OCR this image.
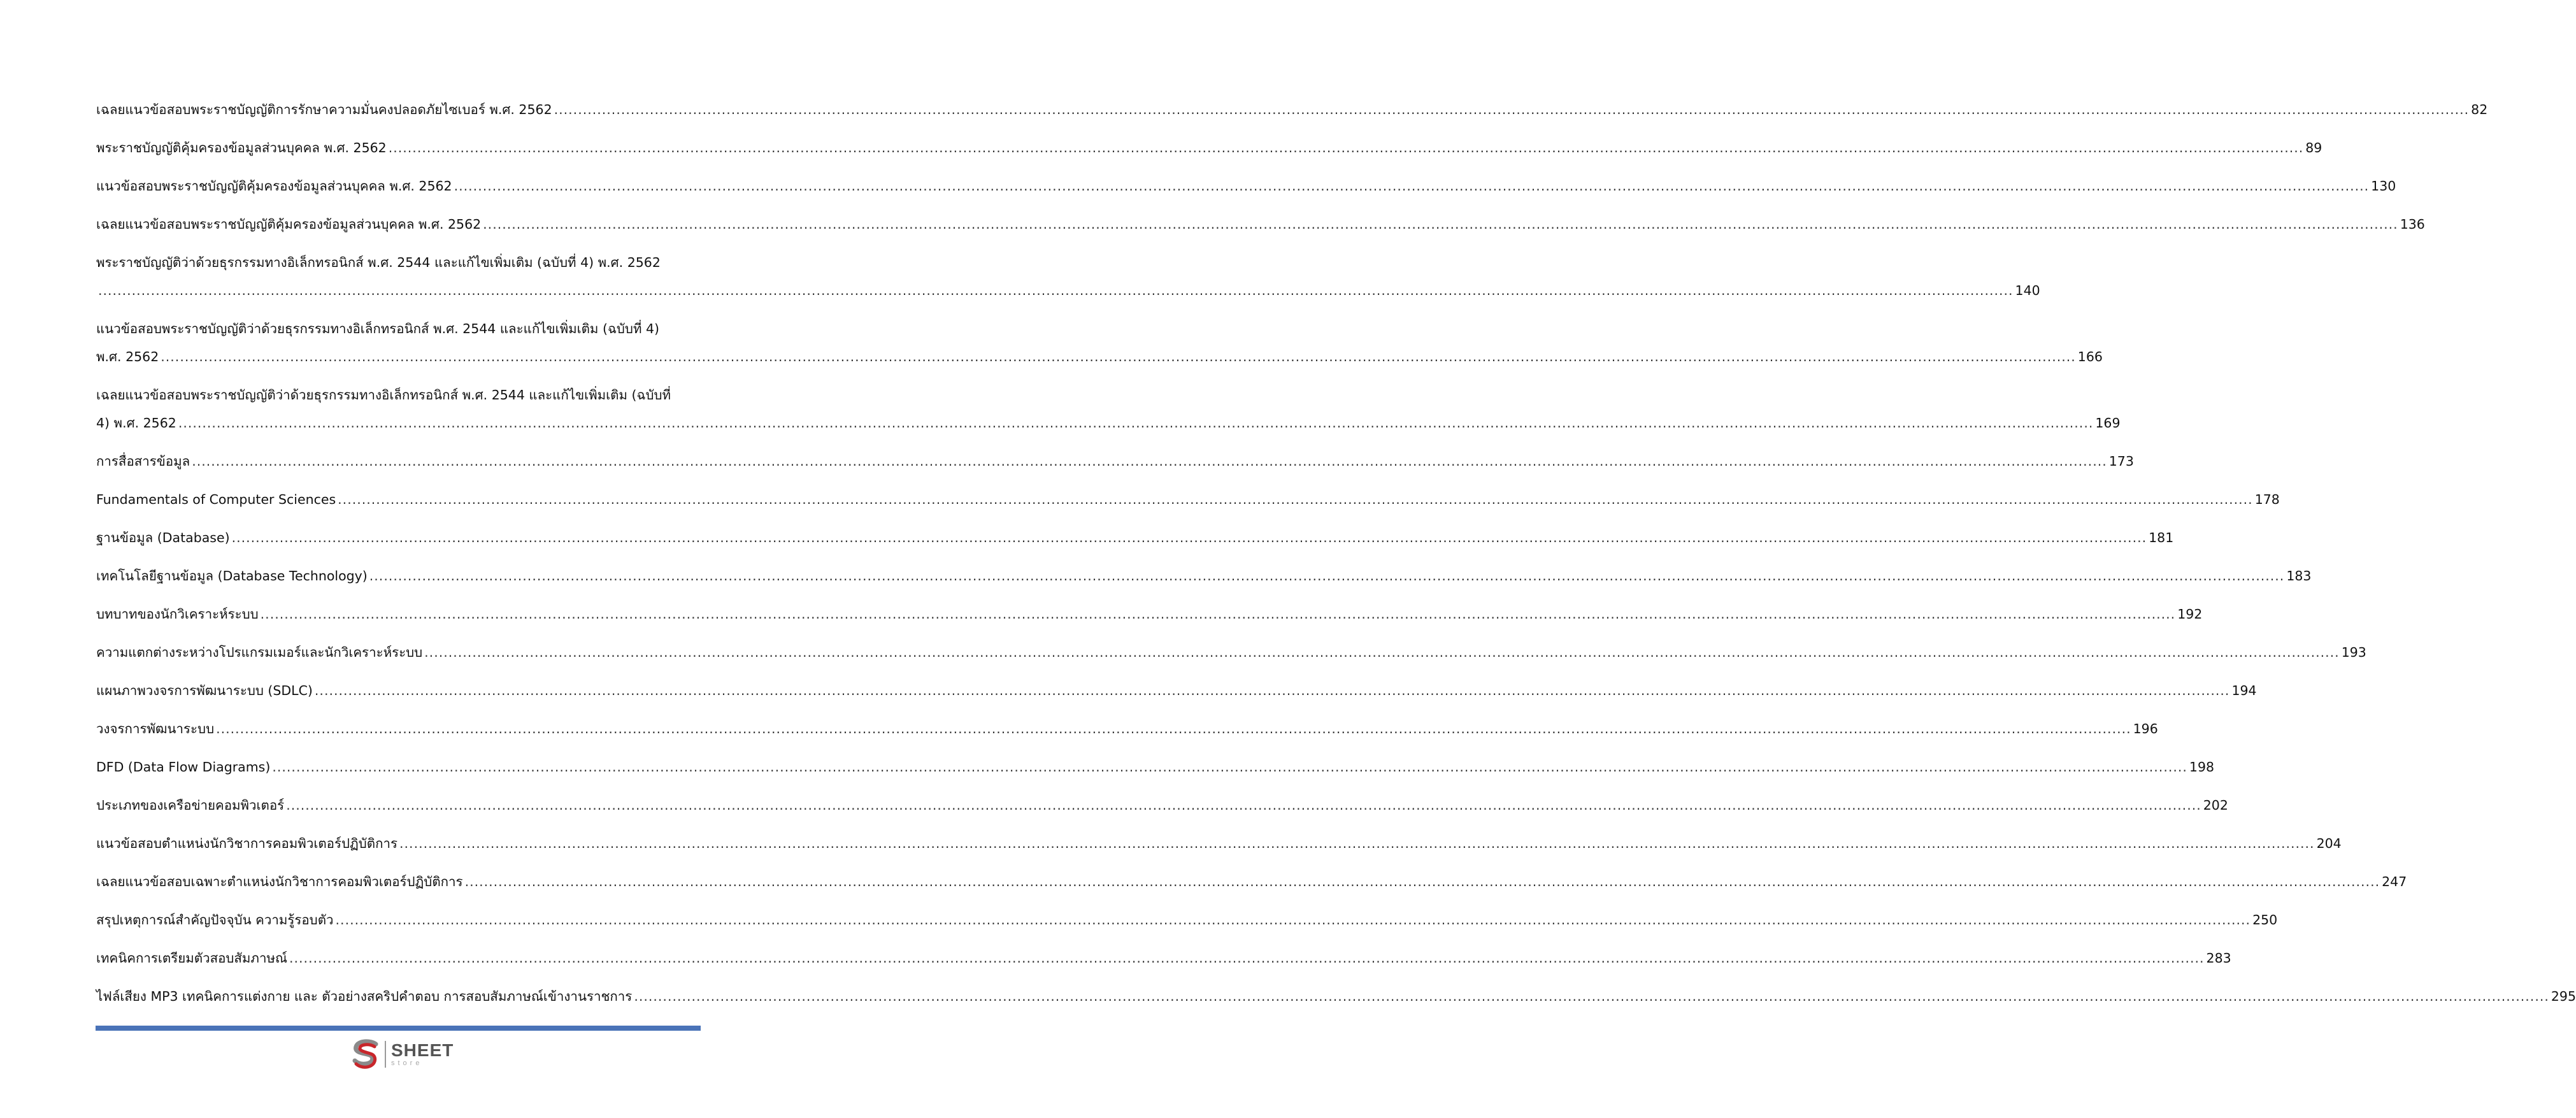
เฉลยแนวข้อสอบพระราชบัญญัติการรักษาความมั่นคงปลอดภัยไซเบอร์ พ.ศ. 2562 ................................................................................................................................................................................................................................................................................................................................................................................................................ 82
พระราชบัญญัติคุ้มครองข้อมูลส่วนบุคคล พ.ศ. 2562 ................................................................................................................................................................................................................................................................................................................................................................................................................ 89
แนวข้อสอบพระราชบัญญัติคุ้มครองข้อมูลส่วนบุคคล พ.ศ. 2562 ................................................................................................................................................................................................................................................................................................................................................................................................................ 130
เฉลยแนวข้อสอบพระราชบัญญัติคุ้มครองข้อมูลส่วนบุคคล พ.ศ. 2562 ................................................................................................................................................................................................................................................................................................................................................................................................................ 136
พระราชบัญญัติว่าด้วยธุรกรรมทางอิเล็กทรอนิกส์ พ.ศ. 2544 และแก้ไขเพิ่มเติม (ฉบับที่ 4) พ.ศ. 2562
................................................................................................................................................................................................................................................................................................................................................................................................................ 140
แนวข้อสอบพระราชบัญญัติว่าด้วยธุรกรรมทางอิเล็กทรอนิกส์ พ.ศ. 2544 และแก้ไขเพิ่มเติม (ฉบับที่ 4)
พ.ศ. 2562 ................................................................................................................................................................................................................................................................................................................................................................................................................ 166
เฉลยแนวข้อสอบพระราชบัญญัติว่าด้วยธุรกรรมทางอิเล็กทรอนิกส์ พ.ศ. 2544 และแก้ไขเพิ่มเติม (ฉบับที่
4) พ.ศ. 2562 ................................................................................................................................................................................................................................................................................................................................................................................................................ 169
การสื่อสารข้อมูล ................................................................................................................................................................................................................................................................................................................................................................................................................ 173
Fundamentals of Computer Sciences ................................................................................................................................................................................................................................................................................................................................................................................................................ 178
ฐานข้อมูล (Database) ................................................................................................................................................................................................................................................................................................................................................................................................................ 181
เทคโนโลยีฐานข้อมูล (Database Technology) ................................................................................................................................................................................................................................................................................................................................................................................................................ 183
บทบาทของนักวิเคราะห์ระบบ ................................................................................................................................................................................................................................................................................................................................................................................................................ 192
ความแตกต่างระหว่างโปรแกรมเมอร์และนักวิเคราะห์ระบบ ................................................................................................................................................................................................................................................................................................................................................................................................................ 193
แผนภาพวงจรการพัฒนาระบบ (SDLC) ................................................................................................................................................................................................................................................................................................................................................................................................................ 194
วงจรการพัฒนาระบบ ................................................................................................................................................................................................................................................................................................................................................................................................................ 196
DFD (Data Flow Diagrams) ................................................................................................................................................................................................................................................................................................................................................................................................................ 198
ประเภทของเครือข่ายคอมพิวเตอร์ ................................................................................................................................................................................................................................................................................................................................................................................................................ 202
แนวข้อสอบตำแหน่งนักวิชาการคอมพิวเตอร์ปฏิบัติการ ................................................................................................................................................................................................................................................................................................................................................................................................................ 204
เฉลยแนวข้อสอบเฉพาะตำแหน่งนักวิชาการคอมพิวเตอร์ปฏิบัติการ ................................................................................................................................................................................................................................................................................................................................................................................................................ 247
สรุปเหตุการณ์สำคัญปัจจุบัน ความรู้รอบตัว ................................................................................................................................................................................................................................................................................................................................................................................................................ 250
เทคนิคการเตรียมตัวสอบสัมภาษณ์ ................................................................................................................................................................................................................................................................................................................................................................................................................ 283
ไฟล์เสียง MP3 เทคนิคการแต่งกาย และ ตัวอย่างสคริปคำตอบ การสอบสัมภาษณ์เข้างานราชการ ................................................................................................................................................................................................................................................................................................................................................................................................................ 295
SHEET
store
